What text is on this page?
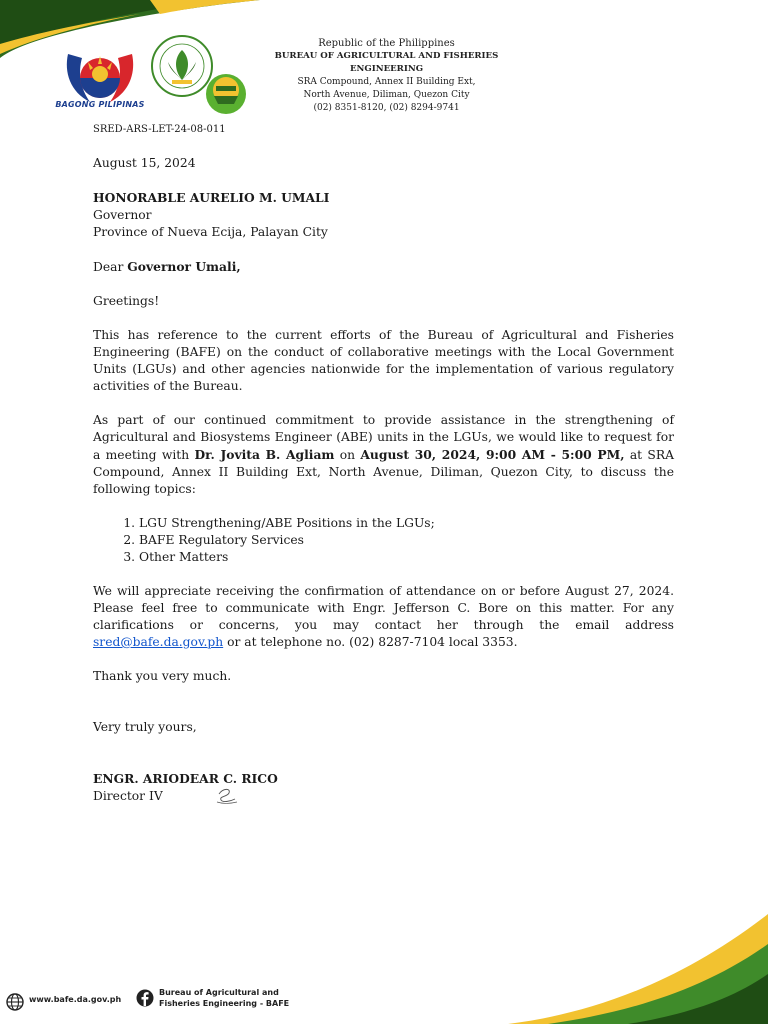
BAGONG PILIPINAS
Republic of the Philippines
BUREAU OF AGRICULTURAL AND FISHERIES ENGINEERING
SRA Compound, Annex II Building Ext,
North Avenue, Diliman, Quezon City
(02) 8351-8120, (02) 8294-9741
SRED-ARS-LET-24-08-011

August 15, 2024

HONORABLE AURELIO M. UMALI

Governor

Province of Nueva Ecija, Palayan City

Dear Governor Umali,

Greetings!

This has reference to the current efforts of the Bureau of Agricultural and Fisheries Engineering (BAFE) on the conduct of collaborative meetings with the Local Government Units (LGUs) and other agencies nationwide for the implementation of various regulatory activities of the Bureau.

As part of our continued commitment to provide assistance in the strengthening of Agricultural and Biosystems Engineer (ABE) units in the LGUs, we would like to request for a meeting with Dr. Jovita B. Agliam on August 30, 2024, 9:00 AM - 5:00 PM, at SRA Compound, Annex II Building Ext, North Avenue, Diliman, Quezon City, to discuss the following topics:

1. LGU Strengthening/ABE Positions in the LGUs;
2. BAFE Regulatory Services
3. Other Matters

We will appreciate receiving the confirmation of attendance on or before August 27, 2024. Please feel free to communicate with Engr. Jefferson C. Bore on this matter. For any clarifications or concerns, you may contact her through the email address sred@bafe.da.gov.ph or at telephone no. (02) 8287-7104 local 3353.

Thank you very much.

Very truly yours,

ENGR. ARIODEAR C. RICO

Director IV

www.bafe.da.gov.ph
Bureau of Agricultural and
Fisheries Engineering - BAFE
